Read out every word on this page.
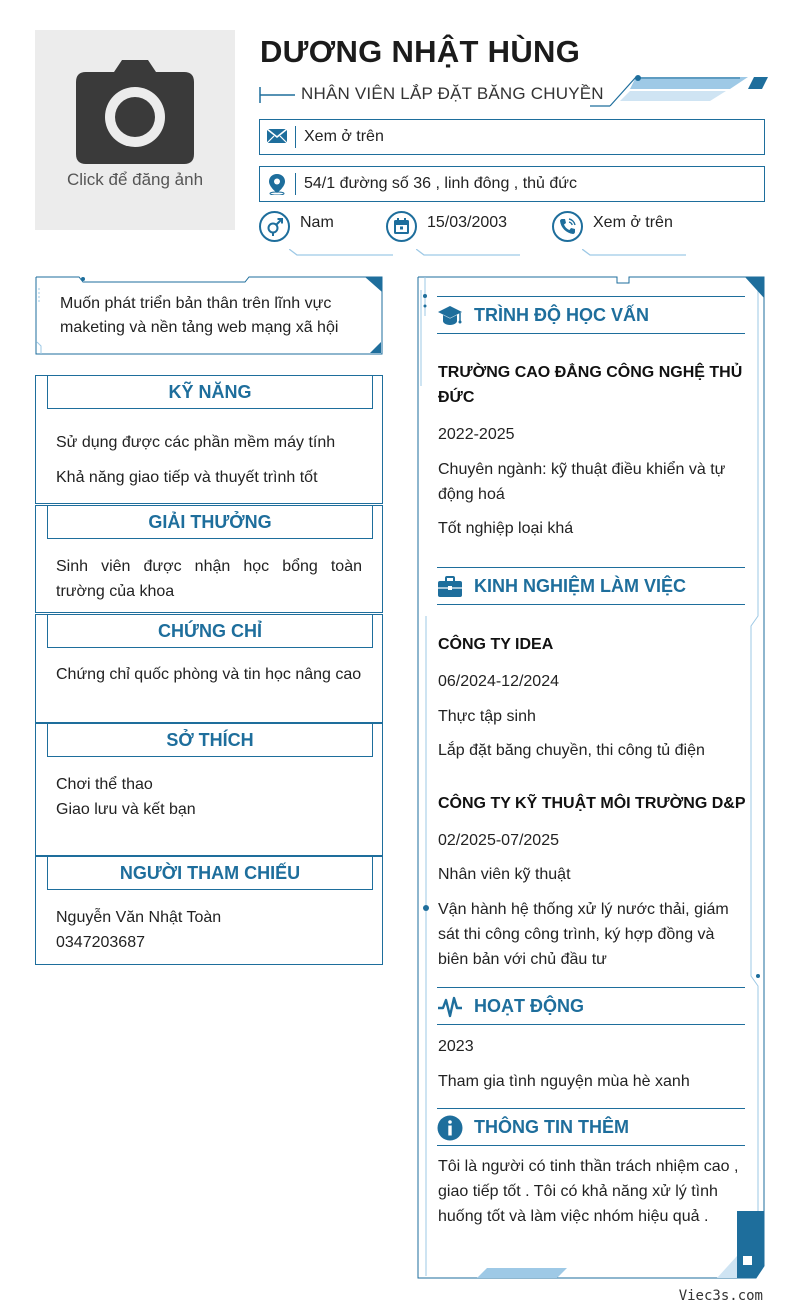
Click để đăng ảnh
DƯƠNG NHẬT HÙNG
NHÂN VIÊN LẮP ĐẶT BĂNG CHUYỀN
Xem ở trên
54/1 đường số 36 , linh đông , thủ đức
Nam	15/03/2003	Xem ở trên
Muốn phát triển bản thân trên lĩnh vực maketing và nền tảng web mạng xã hội
KỸ NĂNG

Sử dụng được các phần mềm máy tính

Khả năng giao tiếp và thuyết trình tốt

GIẢI THƯỞNG
Sinh viên được nhận học bổng toàn trường của khoa
CHỨNG CHỈ
Chứng chỉ quốc phòng và tin học nâng cao
SỞ THÍCH

Chơi thể thao

Giao lưu và kết bạn

NGƯỜI THAM CHIẾU

Nguyễn Văn Nhật Toàn

0347203687

TRÌNH ĐỘ HỌC VẤN
TRƯỜNG CAO ĐẲNG CÔNG NGHỆ THỦ ĐỨC
2022-2025
Chuyên ngành: kỹ thuật điều khiển và tự động hoá
Tốt nghiệp loại khá
KINH NGHIỆM LÀM VIỆC
CÔNG TY IDEA
06/2024-12/2024
Thực tập sinh
Lắp đặt băng chuyền, thi công tủ điện
CÔNG TY KỸ THUẬT MÔI TRƯỜNG D&P
02/2025-07/2025
Nhân viên kỹ thuật
Vận hành hệ thống xử lý nước thải, giám sát thi công công trình, ký hợp đồng và biên bản với chủ đầu tư
HOẠT ĐỘNG
2023
Tham gia tình nguyện mùa hè xanh
THÔNG TIN THÊM
Tôi là người có tinh thần trách nhiệm cao , giao tiếp tốt . Tôi có khả năng xử lý tình huống tốt và làm việc nhóm hiệu quả .
Viec3s.com
